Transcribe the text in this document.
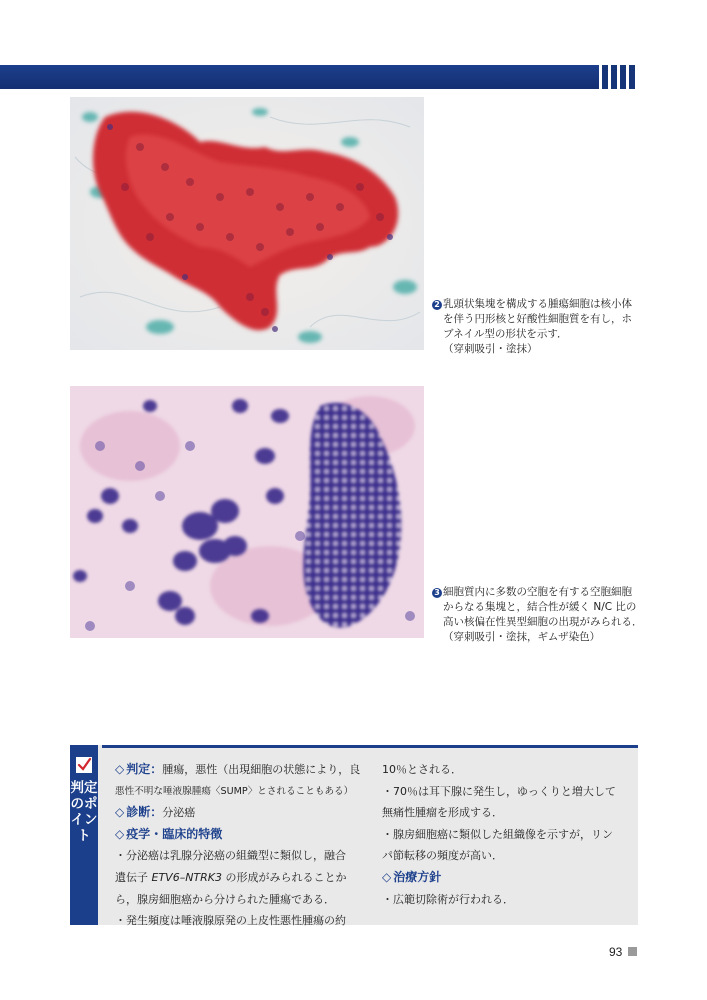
2 乳頭状集塊を構成する腫瘍細胞は核小体
を伴う円形核と好酸性細胞質を有し，ホ
ブネイル型の形状を示す．
（穿刺吸引・塗抹）
3 細胞質内に多数の空胞を有する空胞細胞
からなる集塊と，結合性が緩く N/C 比の
高い核偏在性異型細胞の出現がみられる．
（穿刺吸引・塗抹，ギムザ染色）
判定のポイント
◇ 判定：腫瘍，悪性（出現細胞の状態により，良
悪性不明な唾液腺腫瘍〈SUMP〉とされることもある）
◇ 診断：分泌癌
◇ 疫学・臨床的特徴
・分泌癌は乳腺分泌癌の組織型に類似し，融合
遺伝子 ETV6–NTRK3 の形成がみられることか
ら，腺房細胞癌から分けられた腫瘍である．
・発生頻度は唾液腺原発の上皮性悪性腫瘍の約
10％とされる．
・70％は耳下腺に発生し，ゆっくりと増大して
無痛性腫瘤を形成する．
・腺房細胞癌に類似した組織像を示すが，リン
パ節転移の頻度が高い．
◇ 治療方針
・広範切除術が行われる．
93
